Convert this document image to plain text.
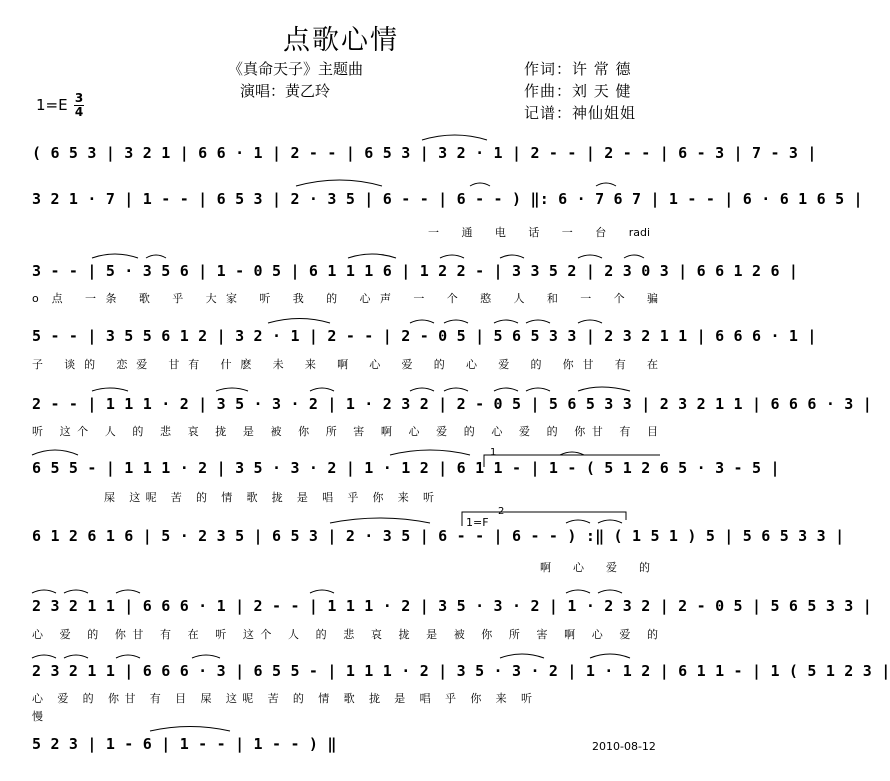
点歌心情
《真命天子》主题曲
演唱：黄乙玲
作词：许 常 德
作曲：刘 天 健
记谱：神仙姐姐
1=E 3
4
( 6 5 3 | 3 2 1 | 6 6 · 1 | 2 - - | 6 5 3 | 3 2 · 1 | 2 - - | 2 - - | 6 - 3 | 7 - 3 |
3 2 1 · 7 | 1 - - | 6 5 3 | 2 · 3 5 | 6 - - | 6 - - ) ‖: 6 · 7 6 7 | 1 - - | 6 · 6 1 6 5 |
一 通 电 话 一 台 radi
3 - - | 5 · 3 5 6 | 1 - 0 5 | 6 1 1 1 6 | 1 2 2 - | 3 3 5 2 | 2 3 0 3 | 6 6 1 2 6 |
o 点 一条 歌 乎 大家 听 我 的 心声 一 个 憨 人 和 一 个 骗
5 - - | 3 5 5 6 1 2 | 3 2 · 1 | 2 - - | 2 - 0 5 | 5 6 5 3 3 | 2 3 2 1 1 | 6 6 6 · 1 |
子 谈的 恋爱 甘有 什麽 未 来 啊 心 爱 的 心 爱 的 你甘 有 在
2 - - | 1 1 1 · 2 | 3 5 · 3 · 2 | 1 · 2 3 2 | 2 - 0 5 | 5 6 5 3 3 | 2 3 2 1 1 | 6 6 6 · 3 |
听 这个 人 的 悲 哀 拢 是 被 你 所 害 啊 心 爱 的 心 爱 的 你甘 有 目
6 5 5 - | 1 1 1 · 2 | 3 5 · 3 · 2 | 1 · 1 2 | 6 1 1 - | 1 - ( 5 1 2 6 5 · 3 - 5 |
屎 这呢 苦 的 情 歌 拢 是 唱 乎 你 来 听
6 1 2 6 1 6 | 5 · 2 3 5 | 6 5 3 | 2 · 3 5 | 6 - - | 6 - - ) :‖ ( 1 5 1 ) 5 | 5 6 5 3 3 |
啊 心 爱 的
2 3 2 1 1 | 6 6 6 · 1 | 2 - - | 1 1 1 · 2 | 3 5 · 3 · 2 | 1 · 2 3 2 | 2 - 0 5 | 5 6 5 3 3 |
心 爱 的 你甘 有 在 听 这个 人 的 悲 哀 拢 是 被 你 所 害 啊 心 爱 的
2 3 2 1 1 | 6 6 6 · 3 | 6 5 5 - | 1 1 1 · 2 | 3 5 · 3 · 2 | 1 · 1 2 | 6 1 1 - | 1 ( 5 1 2 3 |
心 爱 的 你甘 有 目 屎 这呢 苦 的 情 歌 拢 是 唱 乎 你 来 听
慢
5 2 3 | 1 - 6 | 1 - - | 1 - - ) ‖
1
2
1=F
2010-08-12
